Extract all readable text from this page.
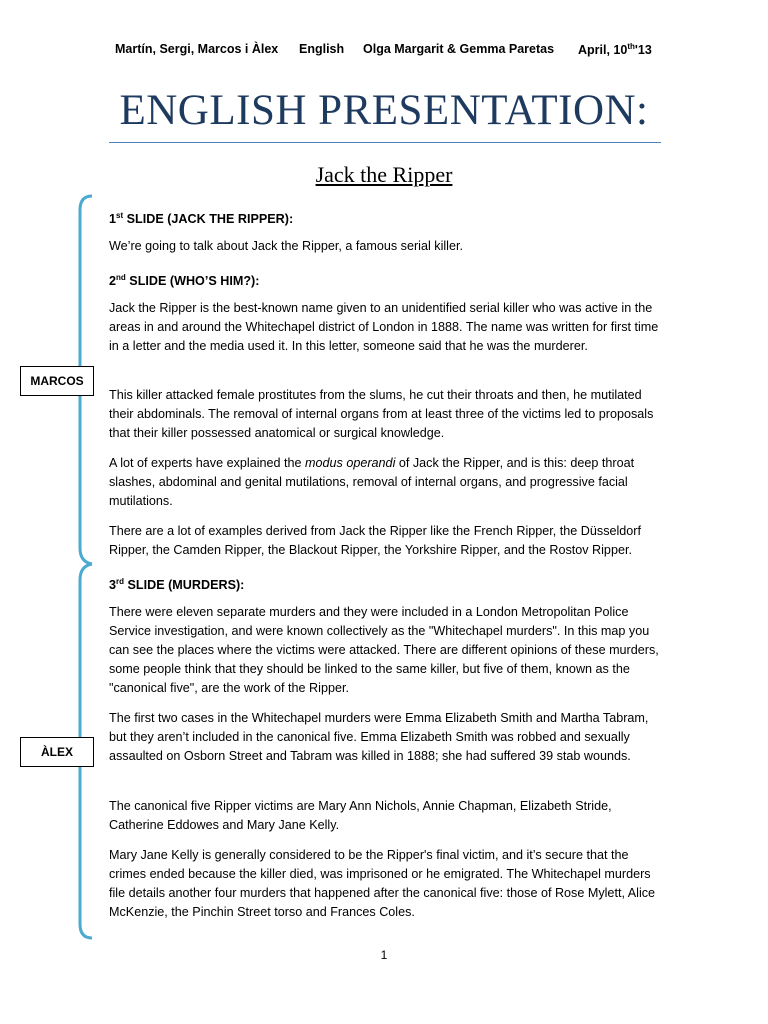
Martín, Sergi, Marcos i Àlex English Olga Margarit & Gemma Paretas April, 10th'13
ENGLISH PRESENTATION:
Jack the Ripper
MARCOS
ÀLEX

1st SLIDE (JACK THE RIPPER):

We’re going to talk about Jack the Ripper, a famous serial killer.

2nd SLIDE (WHO’S HIM?):

Jack the Ripper is the best-known name given to an unidentified serial killer who was active in the areas in and around the Whitechapel district of London in 1888. The name was written for first time in a letter and the media used it. In this letter, someone said that he was the murderer.

This killer attacked female prostitutes from the slums, he cut their throats and then, he mutilated their abdominals. The removal of internal organs from at least three of the victims led to proposals that their killer possessed anatomical or surgical knowledge.

A lot of experts have explained the modus operandi of Jack the Ripper, and is this: deep throat slashes, abdominal and genital mutilations, removal of internal organs, and progressive facial mutilations.

There are a lot of examples derived from Jack the Ripper like the French Ripper, the Düsseldorf Ripper, the Camden Ripper, the Blackout Ripper, the Yorkshire Ripper, and the Rostov Ripper.

3rd SLIDE (MURDERS):

There were eleven separate murders and they were included in a London Metropolitan Police Service investigation, and were known collectively as the "Whitechapel murders". In this map you can see the places where the victims were attacked. There are different opinions of these murders, some people think that they should be linked to the same killer, but five of them, known as the "canonical five", are the work of the Ripper.

The first two cases in the Whitechapel murders were Emma Elizabeth Smith and Martha Tabram, but they aren’t included in the canonical five. Emma Elizabeth Smith was robbed and sexually assaulted on Osborn Street and Tabram was killed in 1888; she had suffered 39 stab wounds.

The canonical five Ripper victims are Mary Ann Nichols, Annie Chapman, Elizabeth Stride, Catherine Eddowes and Mary Jane Kelly.

Mary Jane Kelly is generally considered to be the Ripper's final victim, and it’s secure that the crimes ended because the killer died, was imprisoned or he emigrated. The Whitechapel murders file details another four murders that happened after the canonical five: those of Rose Mylett, Alice McKenzie, the Pinchin Street torso and Frances Coles.

1
